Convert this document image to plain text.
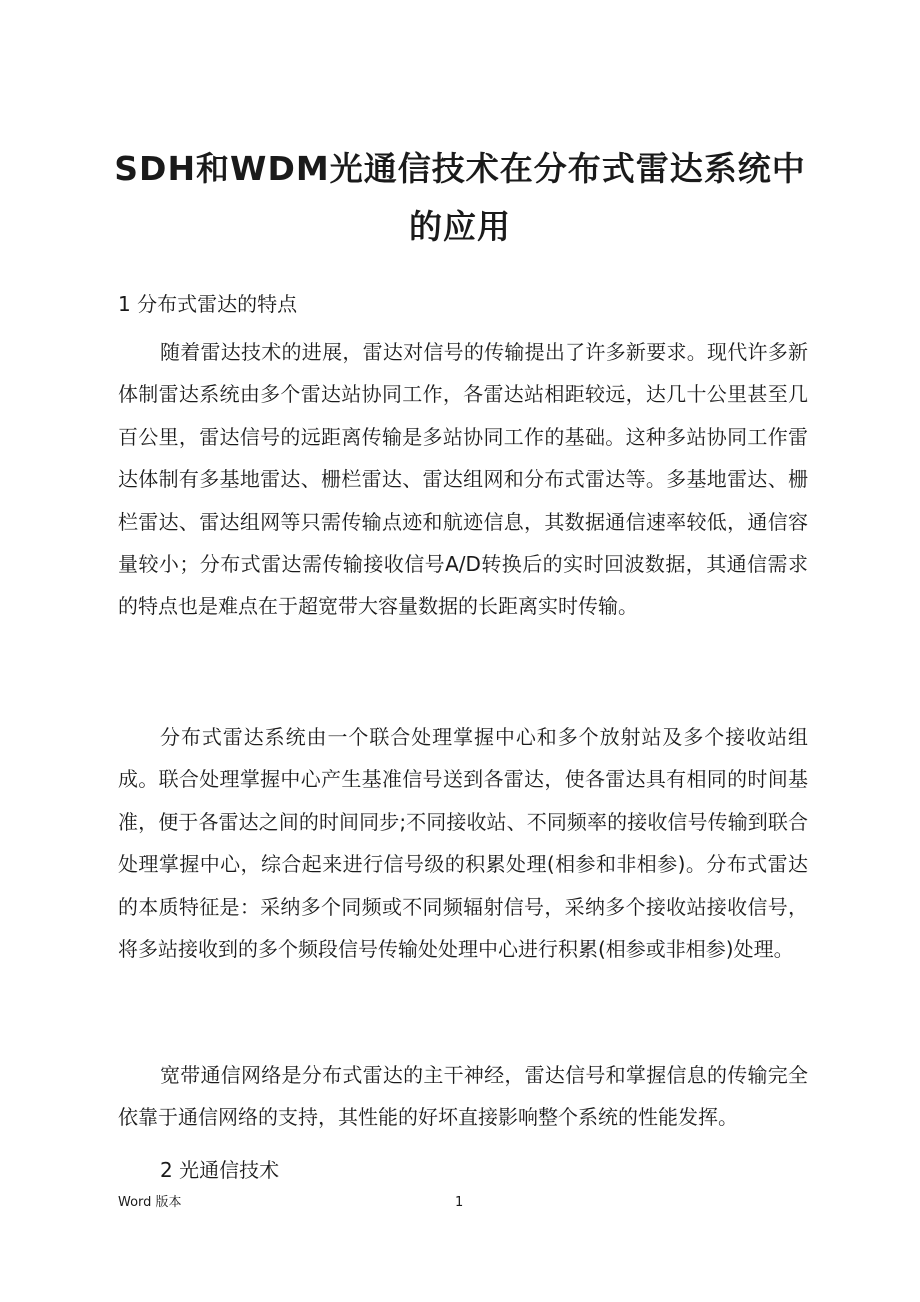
SDH和WDM光通信技术在分布式雷达系统中的应用

1 分布式雷达的特点

随着雷达技术的进展，雷达对信号的传输提出了许多新要求。现代许多新体制雷达系统由多个雷达站协同工作，各雷达站相距较远，达几十公里甚至几百公里，雷达信号的远距离传输是多站协同工作的基础。这种多站协同工作雷达体制有多基地雷达、栅栏雷达、雷达组网和分布式雷达等。多基地雷达、栅栏雷达、雷达组网等只需传输点迹和航迹信息，其数据通信速率较低，通信容量较小；分布式雷达需传输接收信号A/D转换后的实时回波数据，其通信需求的特点也是难点在于超宽带大容量数据的长距离实时传输。

分布式雷达系统由一个联合处理掌握中心和多个放射站及多个接收站组成。联合处理掌握中心产生基准信号送到各雷达，使各雷达具有相同的时间基准，便于各雷达之间的时间同步;不同接收站、不同频率的接收信号传输到联合处理掌握中心，综合起来进行信号级的积累处理(相参和非相参)。分布式雷达的本质特征是：采纳多个同频或不同频辐射信号，采纳多个接收站接收信号，将多站接收到的多个频段信号传输处处理中心进行积累(相参或非相参)处理。

宽带通信网络是分布式雷达的主干神经，雷达信号和掌握信息的传输完全依靠于通信网络的支持，其性能的好坏直接影响整个系统的性能发挥。

2 光通信技术

Word 版本	1
